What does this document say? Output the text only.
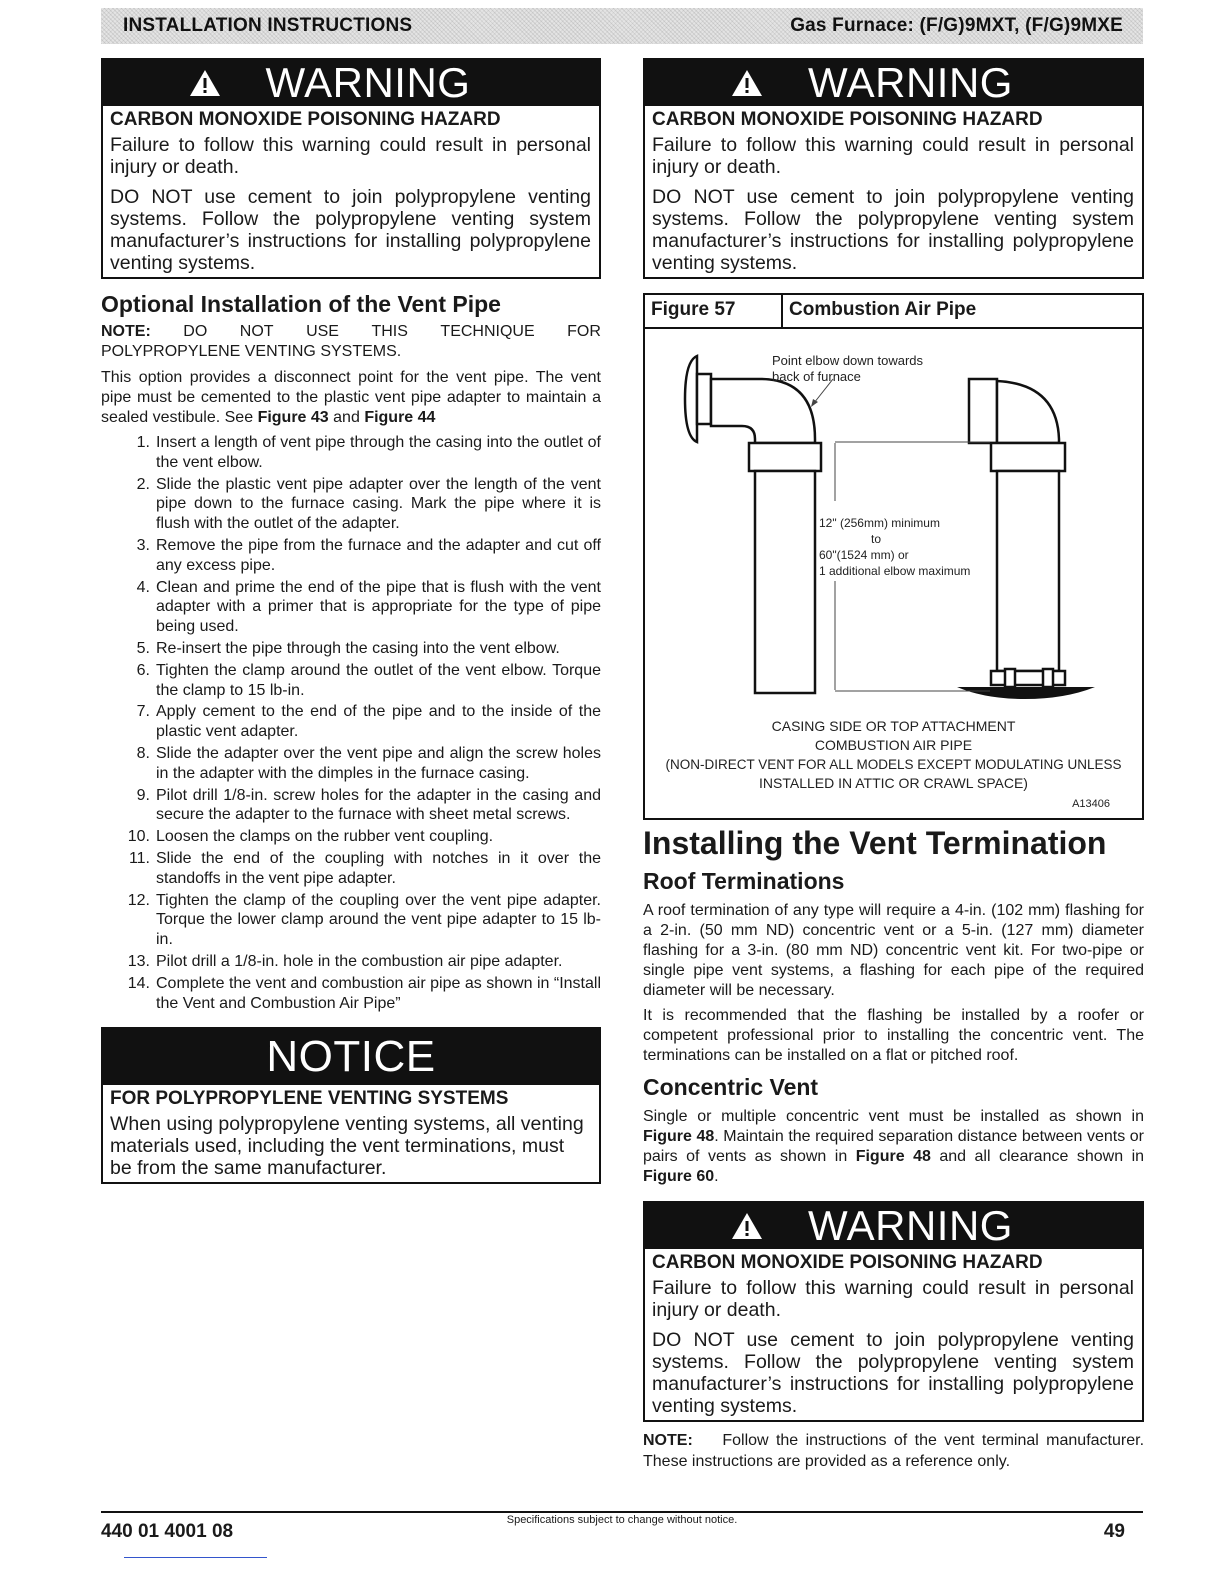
INSTALLATION INSTRUCTIONS	Gas Furnace: (F/G)9MXT, (F/G)9MXE
WARNING
CARBON MONOXIDE POISONING HAZARD

Failure to follow this warning could result in personal injury or death.

DO NOT use cement to join polypropylene venting systems. Follow the polypropylene venting system manufacturer’s instructions for installing polypropylene venting systems.

Optional Installation of the Vent Pipe
NOTE: DO NOT USE THIS TECHNIQUE FOR

POLYPROPYLENE VENTING SYSTEMS.

This option provides a disconnect point for the vent pipe. The vent pipe must be cemented to the plastic vent pipe adapter to maintain a sealed vestibule. See Figure 43 and Figure 44

1. Insert a length of vent pipe through the casing into the outlet of the vent elbow.
2. Slide the plastic vent pipe adapter over the length of the vent pipe down to the furnace casing. Mark the pipe where it is flush with the outlet of the adapter.
3. Remove the pipe from the furnace and the adapter and cut off any excess pipe.
4. Clean and prime the end of the pipe that is flush with the vent adapter with a primer that is appropriate for the type of pipe being used.
5. Re-insert the pipe through the casing into the vent elbow.
6. Tighten the clamp around the outlet of the vent elbow. Torque the clamp to 15 lb-in.
7. Apply cement to the end of the pipe and to the inside of the plastic vent adapter.
8. Slide the adapter over the vent pipe and align the screw holes in the adapter with the dimples in the furnace casing.
9. Pilot drill 1/8-in. screw holes for the adapter in the casing and secure the adapter to the furnace with sheet metal screws.
10. Loosen the clamps on the rubber vent coupling.
11. Slide the end of the coupling with notches in it over the standoffs in the vent pipe adapter.
12. Tighten the clamp of the coupling over the vent pipe adapter. Torque the lower clamp around the vent pipe adapter to 15 lb-in.
13. Pilot drill a 1/8-in. hole in the combustion air pipe adapter.
14. Complete the vent and combustion air pipe as shown in “Install the Vent and Combustion Air Pipe”
NOTICE
FOR POLYPROPYLENE VENTING SYSTEMS

When using polypropylene venting systems, all venting materials used, including the vent terminations, must be from the same manufacturer.

WARNING
CARBON MONOXIDE POISONING HAZARD

Failure to follow this warning could result in personal injury or death.

DO NOT use cement to join polypropylene venting systems. Follow the polypropylene venting system manufacturer’s instructions for installing polypropylene venting systems.

Figure 57	Combustion Air Pipe
Point elbow down towards
back of furnace
12" (256mm) minimum
to
60"(1524 mm) or
1 additional elbow maximum
CASING SIDE OR TOP ATTACHMENT
COMBUSTION AIR PIPE
(NON-DIRECT VENT FOR ALL MODELS EXCEPT MODULATING UNLESS
INSTALLED IN ATTIC OR CRAWL SPACE)
A13406
Installing the Vent Termination
Roof Terminations

A roof termination of any type will require a 4-in. (102 mm) flashing for a 2-in. (50 mm ND) concentric vent or a 5-in. (127 mm) diameter flashing for a 3-in. (80 mm ND) concentric vent kit. For two-pipe or single pipe vent systems, a flashing for each pipe of the required diameter will be necessary.

It is recommended that the flashing be installed by a roofer or competent professional prior to installing the concentric vent. The terminations can be installed on a flat or pitched roof.

Concentric Vent

Single or multiple concentric vent must be installed as shown in Figure 48. Maintain the required separation distance between vents or pairs of vents as shown in Figure 48 and all clearance shown in Figure 60.

WARNING
CARBON MONOXIDE POISONING HAZARD

Failure to follow this warning could result in personal injury or death.

DO NOT use cement to join polypropylene venting systems. Follow the polypropylene venting system manufacturer’s instructions for installing polypropylene venting systems.

NOTE: Follow the instructions of the vent terminal manufacturer. These instructions are provided as a reference only.

440 01 4001 08
Specifications subject to change without notice.
49
